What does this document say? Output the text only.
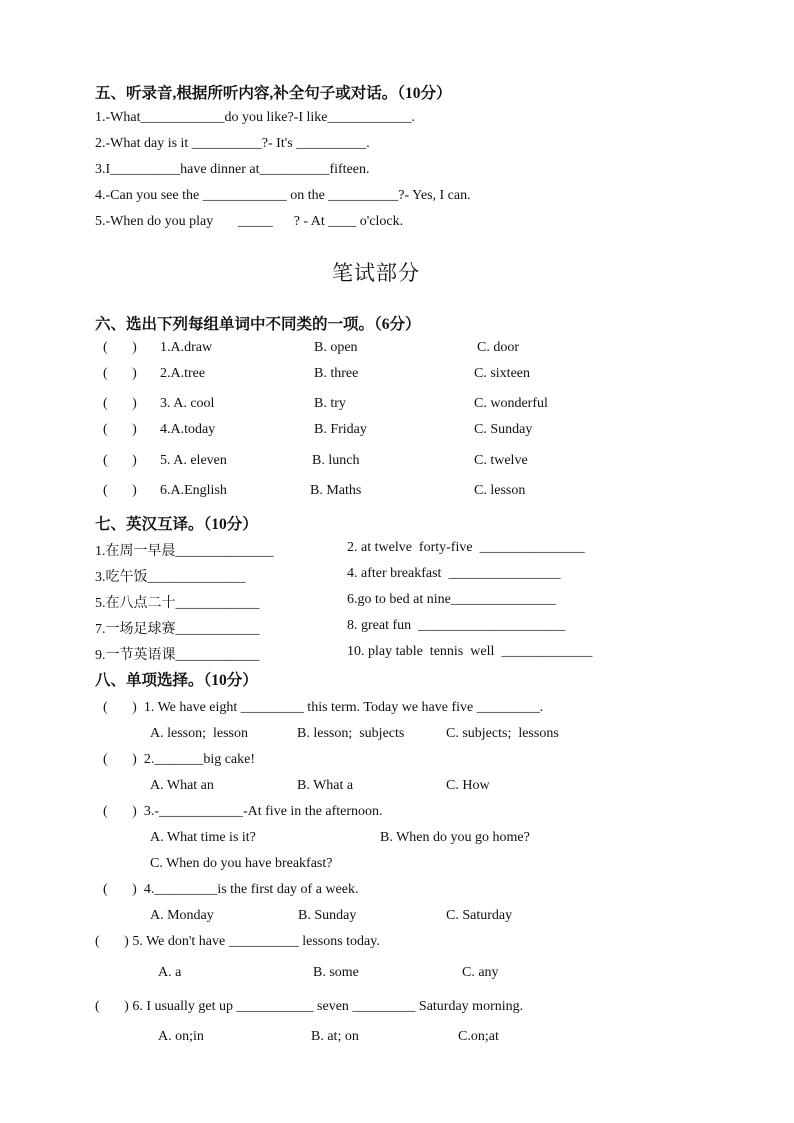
五、听录音,根据所听内容,补全句子或对话。（10分）
1.-What____________do you like?-I like____________.
2.-What day is it __________?- It's __________.
3.I__________have dinner at__________fifteen.
4.-Can you see the ____________ on the __________?- Yes, I can.
5.-When do you play       _____      ? - At ____ o'clock.
笔试部分
六、选出下列每组单词中不同类的一项。（6分）
(       ) 1.A.draw	B. open	C. door
(       ) 2.A.tree	B. three	C. sixteen
(       ) 3. A. cool	B. try	C. wonderful
(       ) 4.A.today	B. Friday	C. Sunday
(       ) 5. A. eleven	B. lunch	C. twelve
(       ) 6.A.English	B. Maths	C. lesson
七、英汉互译。（10分）
1.在周一早晨______________	2. at twelve  forty-five  _______________
3.吃午饭______________	4. after breakfast  ________________
5.在八点二十____________	6.go to bed at nine_______________
7.一场足球赛____________	8. great fun  _____________________
9.一节英语课____________	10. play table  tennis  well  _____________
八、单项选择。（10分）
(       )  1. We have eight _________ this term. Today we have five _________.
A. lesson;  lesson	B. lesson;  subjects	C. subjects;  lessons
(       )  2._______big cake!
A. What an	B. What a	C. How
(       )  3.-____________-At five in the afternoon.
A. What time is it?	B. When do you go home?
C. When do you have breakfast?
(       )  4._________is the first day of a week.
A. Monday	B. Sunday	C. Saturday
(       ) 5. We don't have __________ lessons today.
A. a	B. some	C. any
(       ) 6. I usually get up ___________ seven _________ Saturday morning.
A. on;in	B. at; on	C.on;at
